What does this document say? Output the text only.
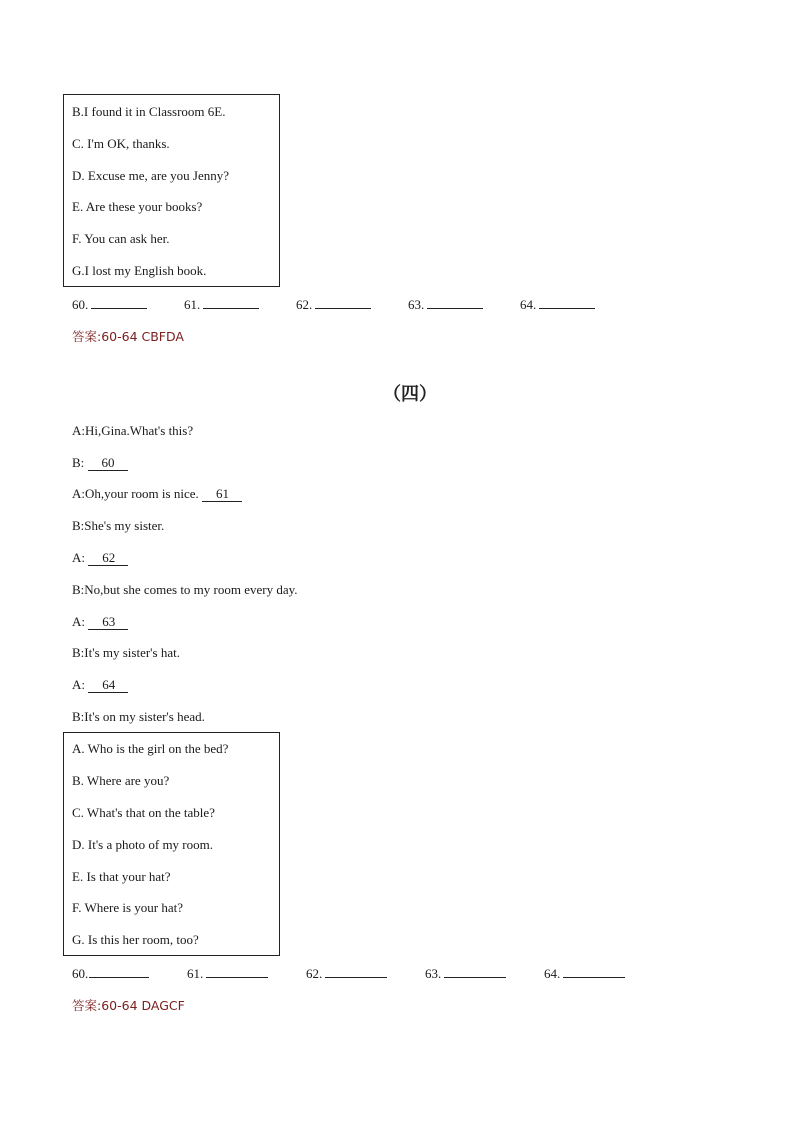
B.I found it in Classroom 6E.
C. I'm OK, thanks.
D. Excuse me, are you Jenny?
E. Are these your books?
F. You can ask her.
G.I lost my English book.
60.	61.	62.	63.	64.
答案:60-64 CBFDA
（四）
A:Hi,Gina.What's this?
B: 60
A:Oh,your room is nice. 61
B:She's my sister.
A: 62
B:No,but she comes to my room every day.
A: 63
B:It's my sister's hat.
A: 64
B:It's on my sister's head.
A. Who is the girl on the bed?
B. Where are you?
C. What's that on the table?
D. It's a photo of my room.
E. Is that your hat?
F. Where is your hat?
G. Is this her room, too?
60.	61.	62.	63.	64.
答案:60-64 DAGCF
